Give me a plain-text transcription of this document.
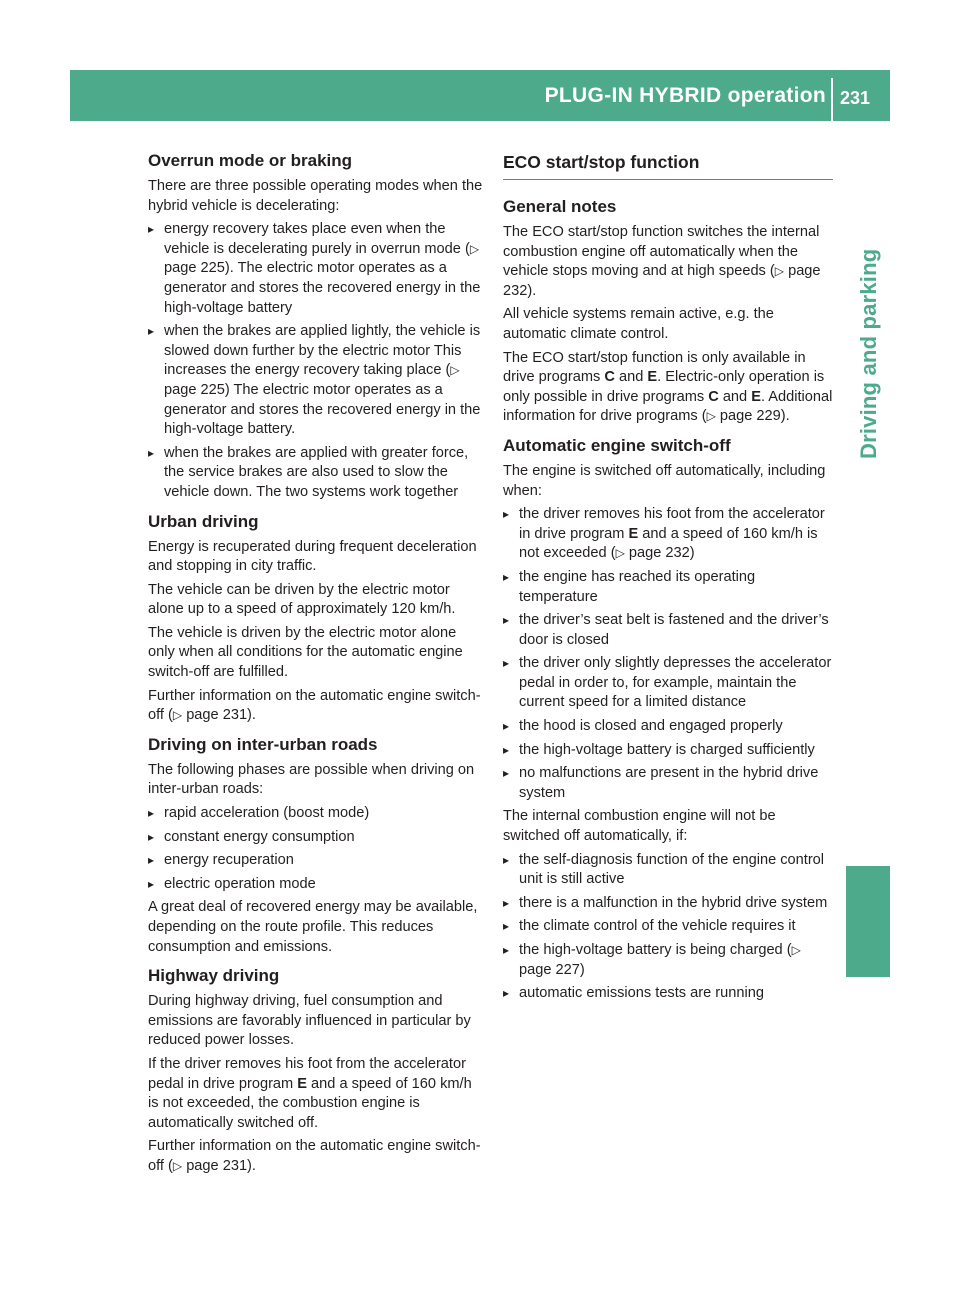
PLUG-IN HYBRID operation 231
Driving and parking
Overrun mode or braking

There are three possible operating modes when the hybrid vehicle is decelerating:

▸ energy recovery takes place even when the vehicle is decelerating purely in overrun mode (▷ page 225). The electric motor operates as a generator and stores the recovered energy in the high-voltage battery
▸ when the brakes are applied lightly, the vehicle is slowed down further by the electric motor This increases the energy recovery taking place (▷ page 225) The electric motor operates as a generator and stores the recovered energy in the high-voltage battery.
▸ when the brakes are applied with greater force, the service brakes are also used to slow the vehicle down. The two systems work together
Urban driving

Energy is recuperated during frequent deceleration and stopping in city traffic.

The vehicle can be driven by the electric motor alone up to a speed of approximately 120 km/h.

The vehicle is driven by the electric motor alone only when all conditions for the automatic engine switch-off are fulfilled.

Further information on the automatic engine switch-off (▷ page 231).

Driving on inter-urban roads

The following phases are possible when driving on inter-urban roads:

▸ rapid acceleration (boost mode)
▸ constant energy consumption
▸ energy recuperation
▸ electric operation mode

A great deal of recovered energy may be available, depending on the route profile. This reduces consumption and emissions.

Highway driving

During highway driving, fuel consumption and emissions are favorably influenced in particular by reduced power losses.

If the driver removes his foot from the accelerator pedal in drive program E and a speed of 160 km/h is not exceeded, the combustion engine is automatically switched off.

Further information on the automatic engine switch-off (▷ page 231).

ECO start/stop function
General notes

The ECO start/stop function switches the internal combustion engine off automatically when the vehicle stops moving and at high speeds (▷ page 232).

All vehicle systems remain active, e.g. the automatic climate control.

The ECO start/stop function is only available in drive programs C and E. Electric-only operation is only possible in drive programs C and E. Additional information for drive programs (▷ page 229).

Automatic engine switch-off

The engine is switched off automatically, including when:

▸ the driver removes his foot from the accelerator in drive program E and a speed of 160 km/h is not exceeded (▷ page 232)
▸ the engine has reached its operating temperature
▸ the driver’s seat belt is fastened and the driver’s door is closed
▸ the driver only slightly depresses the accelerator pedal in order to, for example, maintain the current speed for a limited distance
▸ the hood is closed and engaged properly
▸ the high-voltage battery is charged sufficiently
▸ no malfunctions are present in the hybrid drive system

The internal combustion engine will not be switched off automatically, if:

▸ the self-diagnosis function of the engine control unit is still active
▸ there is a malfunction in the hybrid drive system
▸ the climate control of the vehicle requires it
▸ the high-voltage battery is being charged (▷ page 227)
▸ automatic emissions tests are running
